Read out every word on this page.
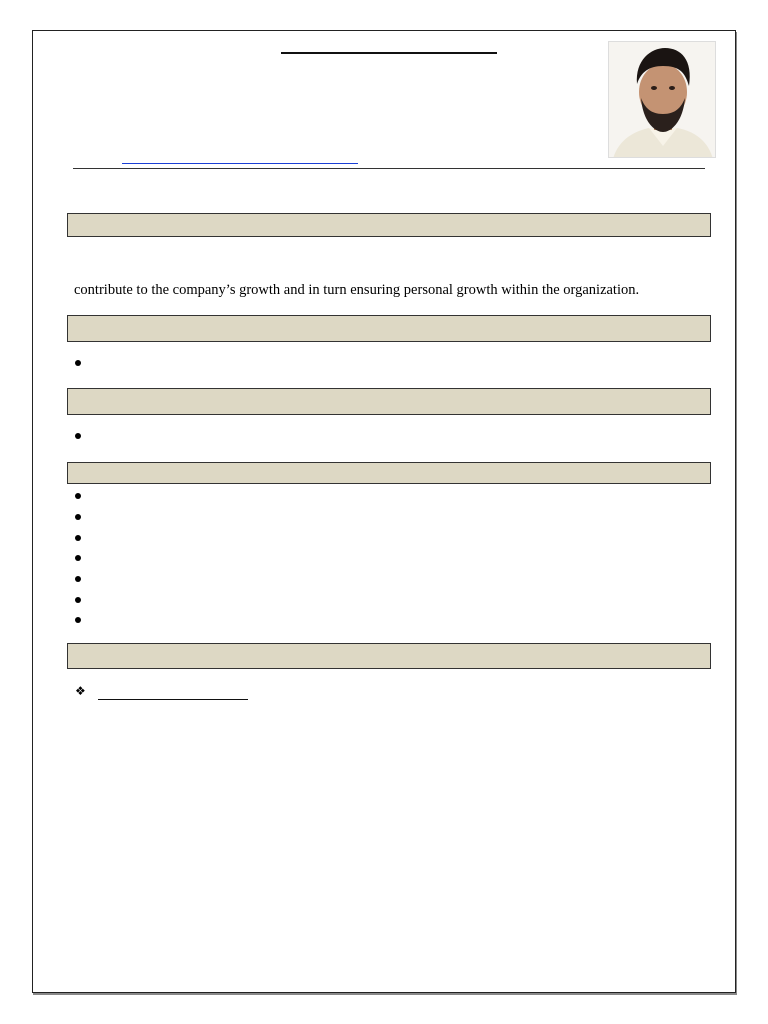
contribute to the company’s growth and in turn ensuring personal growth within the organization.
❖
